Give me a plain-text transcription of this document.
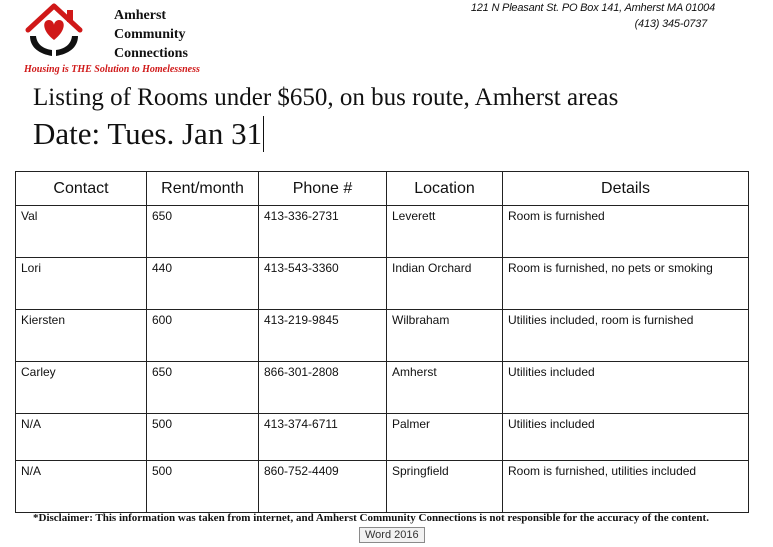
Amherst
Community
Connections
Housing is THE Solution to Homelessness
121 N Pleasant St. PO Box 141, Amherst MA 01004
(413) 345-0737
Listing of Rooms under $650, on bus route, Amherst areas
Date: Tues. Jan 31
Contact	Rent/month	Phone #	Location	Details
Val	650	413-336-2731	Leverett	Room is furnished
Lori	440	413-543-3360	Indian Orchard	Room is furnished, no pets or smoking
Kiersten	600	413-219-9845	Wilbraham	Utilities included, room is furnished
Carley	650	866-301-2808	Amherst	Utilities included
N/A	500	413-374-6711	Palmer	Utilities included
N/A	500	860-752-4409	Springfield	Room is furnished, utilities included
*Disclaimer: This information was taken from internet, and Amherst Community Connections is not responsible for the accuracy of the content.
Word 2016
